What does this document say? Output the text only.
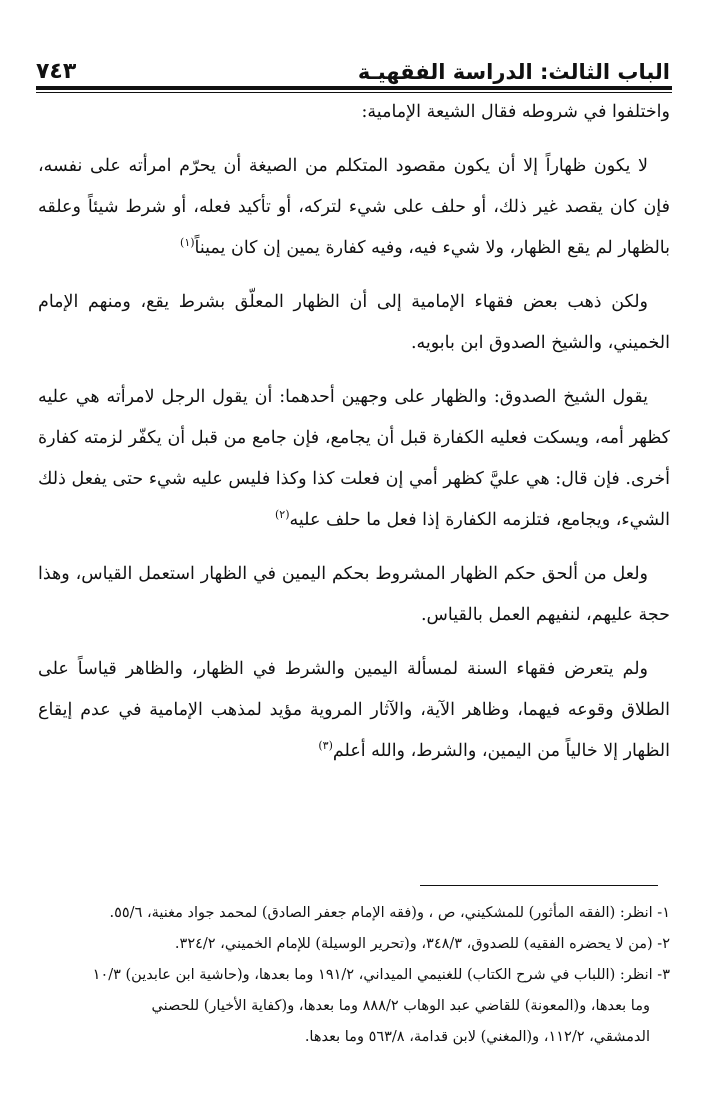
٧٤٣	الباب الثالث: الدراسة الفقهيـة

واختلفوا في شروطه فقال الشيعة الإمامية:

لا يكون ظهاراً إلا أن يكون مقصود المتكلم من الصيغة أن يحرّم امرأته على نفسه، فإن كان يقصد غير ذلك، أو حلف على شيء لتركه، أو تأكيد فعله، أو شرط شيئاً وعلقه بالظهار لم يقع الظهار، ولا شيء فيه، وفيه كفارة يمين إن كان يميناً$^{(١)}$

ولكن ذهب بعض فقهاء الإمامية إلى أن الظهار المعلّق بشرط يقع، ومنهم الإمام الخميني، والشيخ الصدوق ابن بابويه.

يقول الشيخ الصدوق: والظهار على وجهين أحدهما: أن يقول الرجل لامرأته هي عليه كظهر أمه، ويسكت فعليه الكفارة قبل أن يجامع، فإن جامع من قبل أن يكفّر لزمته كفارة أخرى. فإن قال: هي عليَّ كظهر أمي إن فعلت كذا وكذا فليس عليه شيء حتى يفعل ذلك الشيء، ويجامع، فتلزمه الكفارة إذا فعل ما حلف عليه$^{(٢)}$

ولعل من ألحق حكم الظهار المشروط بحكم اليمين في الظهار استعمل القياس، وهذا حجة عليهم، لنفيهم العمل بالقياس.

ولم يتعرض فقهاء السنة لمسألة اليمين والشرط في الظهار، والظاهر قياساً على الطلاق وقوعه فيهما، وظاهر الآية، والآثار المروية مؤيد لمذهب الإمامية في عدم إيقاع الظهار إلا خالياً من اليمين، والشرط، والله أعلم$^{(٣)}$

١- انظر: (الفقه المأثور) للمشكيني، ص ، و(فقه الإمام جعفر الصادق) لمحمد جواد مغنية، ٥٥/٦.

٢- (من لا يحضره الفقيه) للصدوق، ٣٤٨/٣، و(تحرير الوسيلة) للإمام الخميني، ٣٢٤/٢.

٣- انظر: (اللباب في شرح الكتاب) للغنيمي الميداني، ١٩١/٢ وما بعدها، و(حاشية ابن عابدين) ١٠/٣

وما بعدها، و(المعونة) للقاضي عبد الوهاب ٨٨٨/٢ وما بعدها، و(كفاية الأخيار) للحصني

الدمشقي، ١١٢/٢، و(المغني) لابن قدامة، ٥٦٣/٨ وما بعدها.
